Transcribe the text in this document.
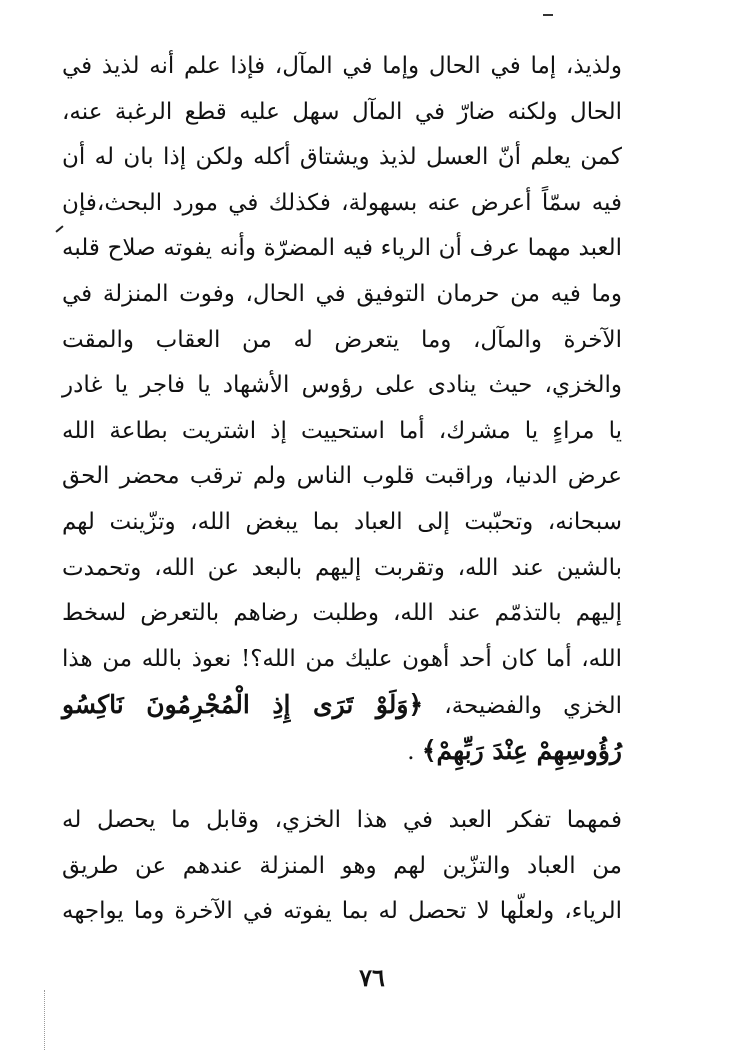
ولذيذ، إما في الحال وإما في المآل، فإذا علم أنه لذيذ في
الحال ولكنه ضارّ في المآل سهل عليه قطع الرغبة عنه،
كمن يعلم أنّ العسل لذيذ ويشتاق أكله ولكن إذا بان له أن
فيه سمّاً أعرض عنه بسهولة، فكذلك في مورد البحث،فإن
العبد مهما عرف أن الرياء فيه المضرّة وأنه يفوته صلاح قلبه
وما فيه من حرمان التوفيق في الحال، وفوت المنزلة في
الآخرة والمآل، وما يتعرض له من العقاب والمقت
والخزي، حيث ينادى على رؤوس الأشهاد يا فاجر يا غادر
يا مراءٍ يا مشرك، أما استحييت إذ اشتريت بطاعة الله
عرض الدنيا، وراقبت قلوب الناس ولم ترقب محضر الحق
سبحانه، وتحبّبت إلى العباد بما يبغض الله، وتزّينت لهم
بالشين عند الله، وتقربت إليهم بالبعد عن الله، وتحمدت
إليهم بالتذمّم عند الله، وطلبت رضاهم بالتعرض لسخط
الله، أما كان أحد أهون عليك من الله؟! نعوذ بالله من هذا
الخزي والفضيحة، ﴿وَلَوْ تَرَى إِذِ الْمُجْرِمُونَ نَاكِسُو
رُؤُوسِهِمْ عِنْدَ رَبِّهِمْ﴾ .
فمهما تفكر العبد في هذا الخزي، وقابل ما يحصل له
من العباد والتزّين لهم وهو المنزلة عندهم عن طريق
الرياء، ولعلّها لا تحصل له بما يفوته في الآخرة وما يواجهه
٧٦
